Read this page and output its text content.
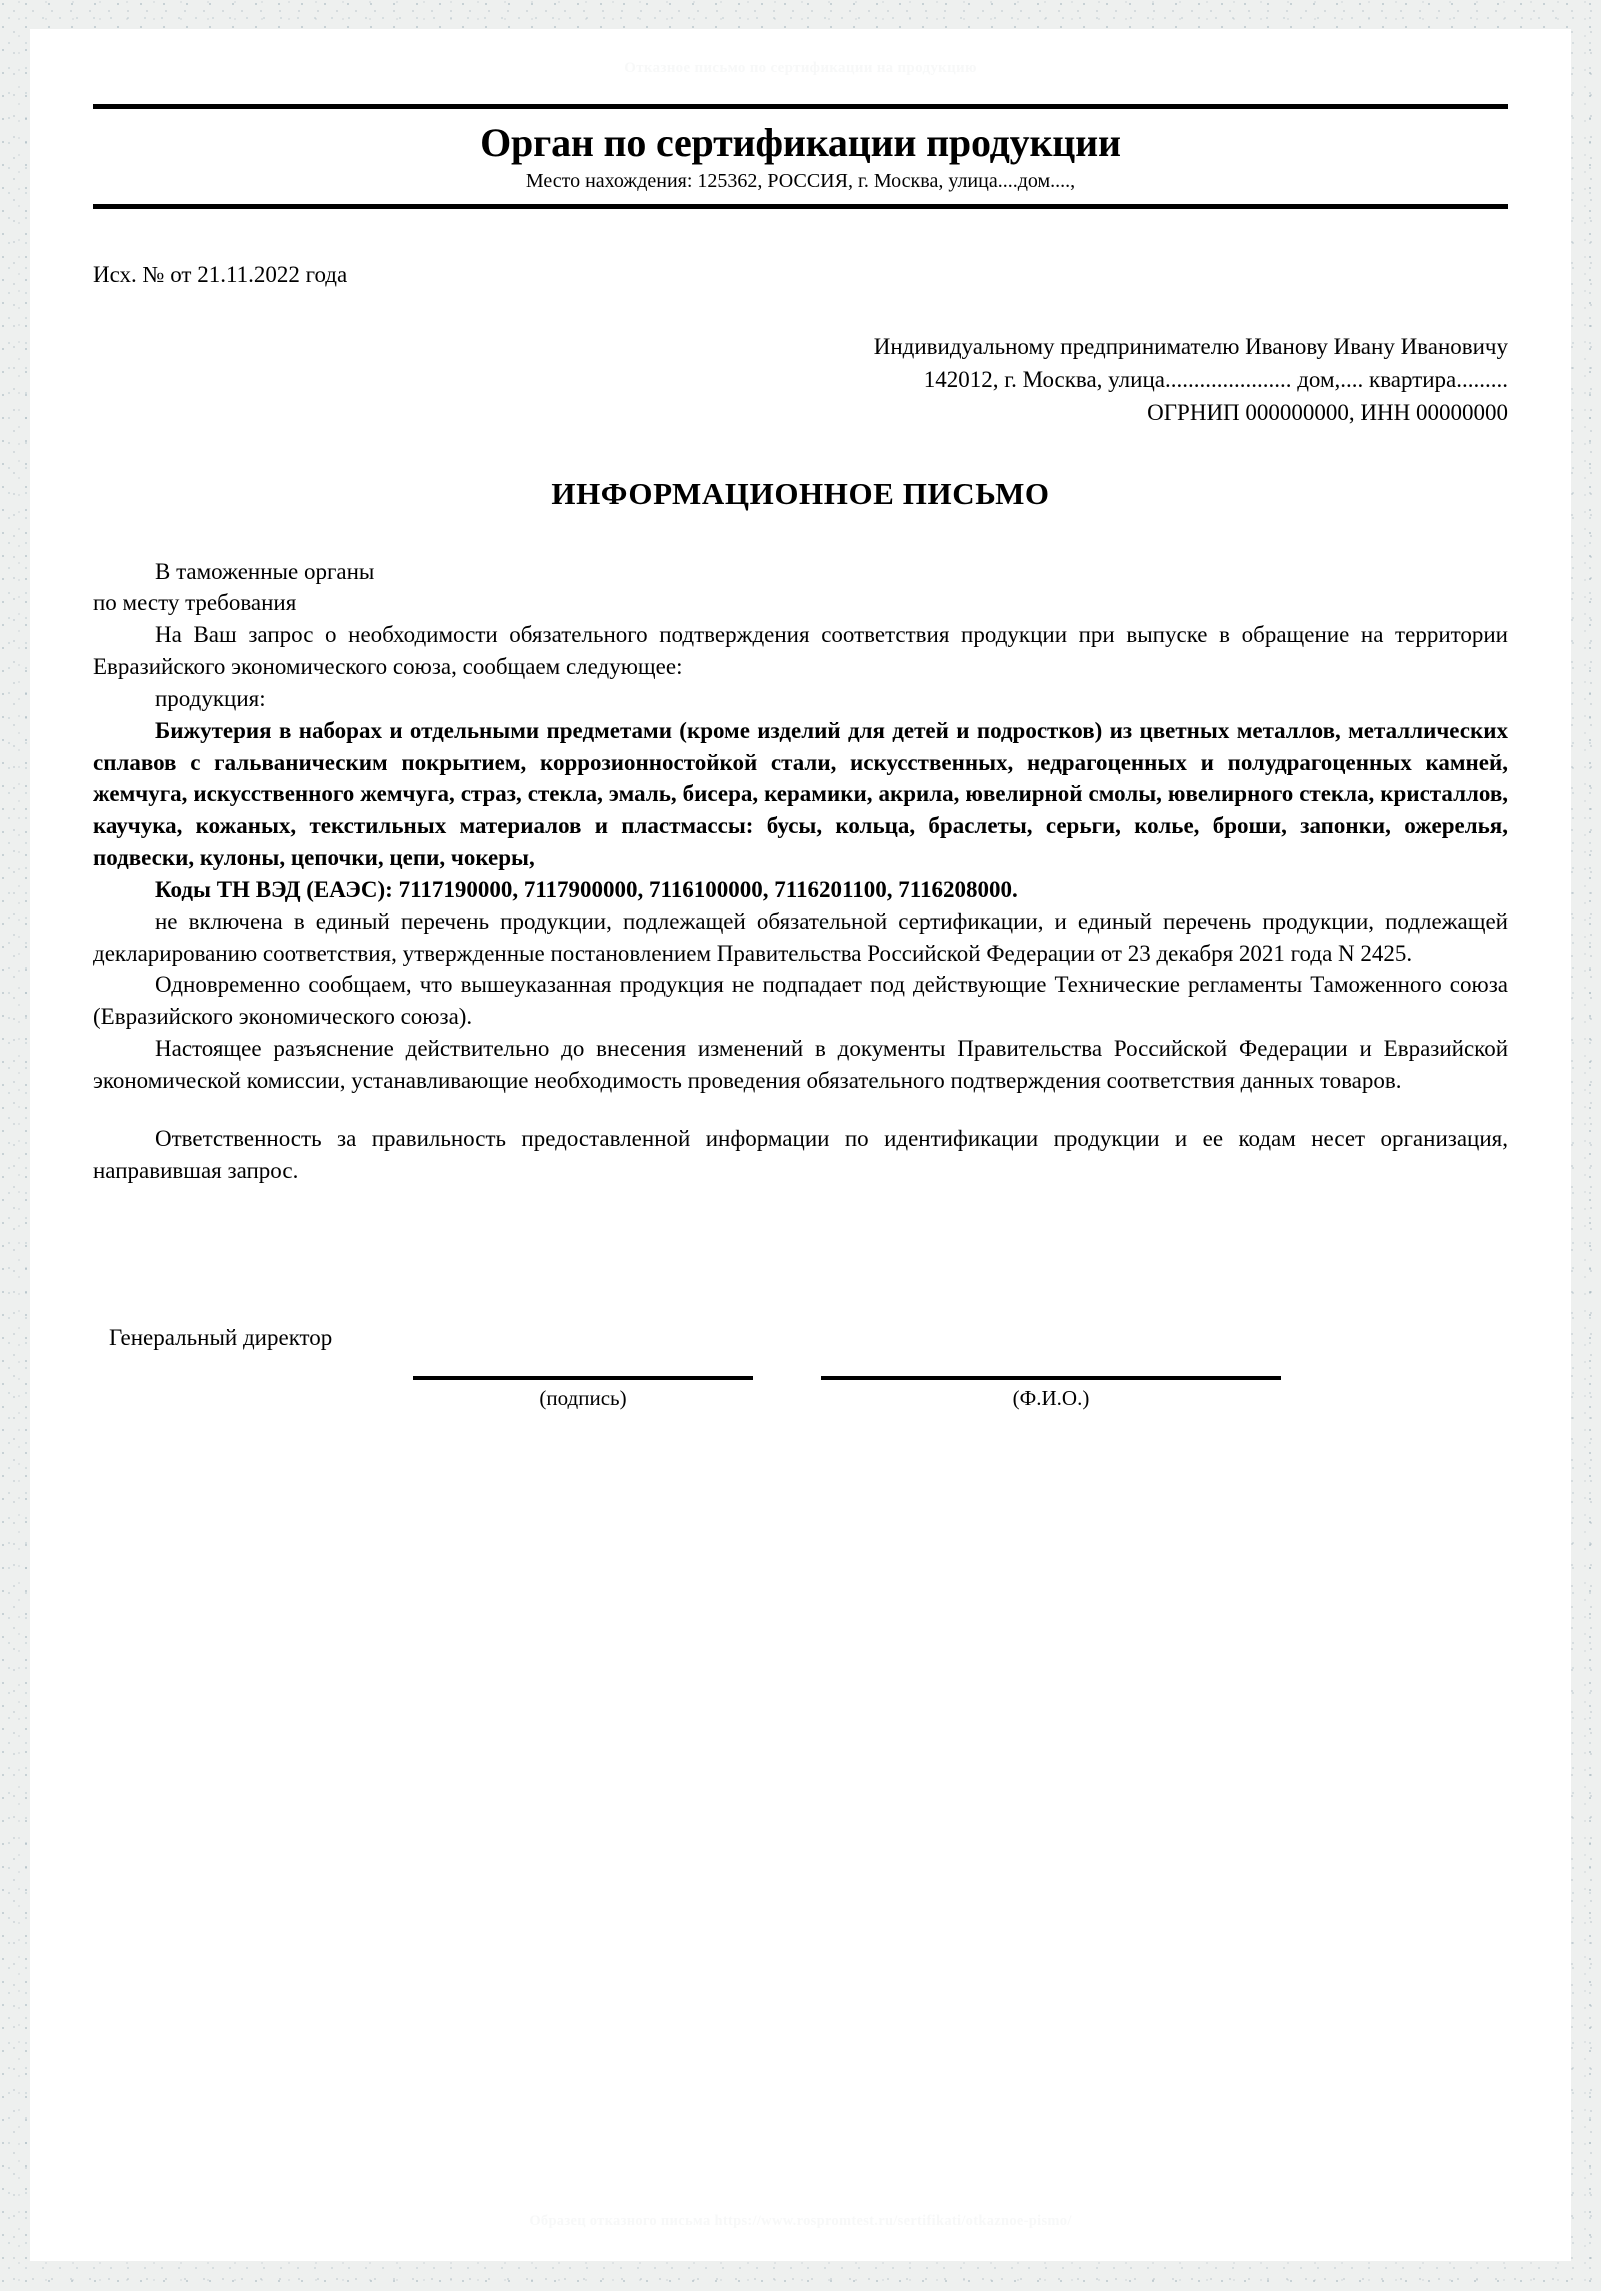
Отказное письмо по сертификации на продукцию
Орган по сертификации продукции
Место нахождения: 125362, РОССИЯ, г. Москва, улица....дом....,
Исх. № от 21.11.2022 года
Индивидуальному предпринимателю Иванову Ивану Ивановичу
142012, г. Москва, улица...................... дом,.... квартира.........
ОГРНИП 000000000, ИНН 00000000
ИНФОРМАЦИОННОЕ ПИСЬМО

В таможенные органы

по месту требования

На Ваш запрос о необходимости обязательного подтверждения соответствия продукции при выпуске в обращение на территории Евразийского экономического союза, сообщаем следующее:

продукция:

Бижутерия в наборах и отдельными предметами (кроме изделий для детей и подростков) из цветных металлов, металлических сплавов с гальваническим покрытием, коррозионностойкой стали, искусственных, недрагоценных и полудрагоценных камней, жемчуга, искусственного жемчуга, страз, стекла, эмаль, бисера, керамики, акрила, ювелирной смолы, ювелирного стекла, кристаллов, каучука, кожаных, текстильных материалов и пластмассы: бусы, кольца, браслеты, серьги, колье, броши, запонки, ожерелья, подвески, кулоны, цепочки, цепи, чокеры,

Коды ТН ВЭД (ЕАЭС): 7117190000, 7117900000, 7116100000, 7116201100, 7116208000.

не включена в единый перечень продукции, подлежащей обязательной сертификации, и единый перечень продукции, подлежащей декларированию соответствия, утвержденные постановлением Правительства Российской Федерации от 23 декабря 2021 года N 2425.

Одновременно сообщаем, что вышеуказанная продукция не подпадает под действующие Технические регламенты Таможенного союза (Евразийского экономического союза).

Настоящее разъяснение действительно до внесения изменений в документы Правительства Российской Федерации и Евразийской экономической комиссии, устанавливающие необходимость проведения обязательного подтверждения соответствия данных товаров.

Ответственность за правильность предоставленной информации по идентификации продукции и ее кодам несет организация, направившая запрос.

Генеральный директор
(подпись)	(Ф.И.О.)
Образец отказного письма https://www.rospromtest.ru/sertifikati/otkaznoe-pismo/
